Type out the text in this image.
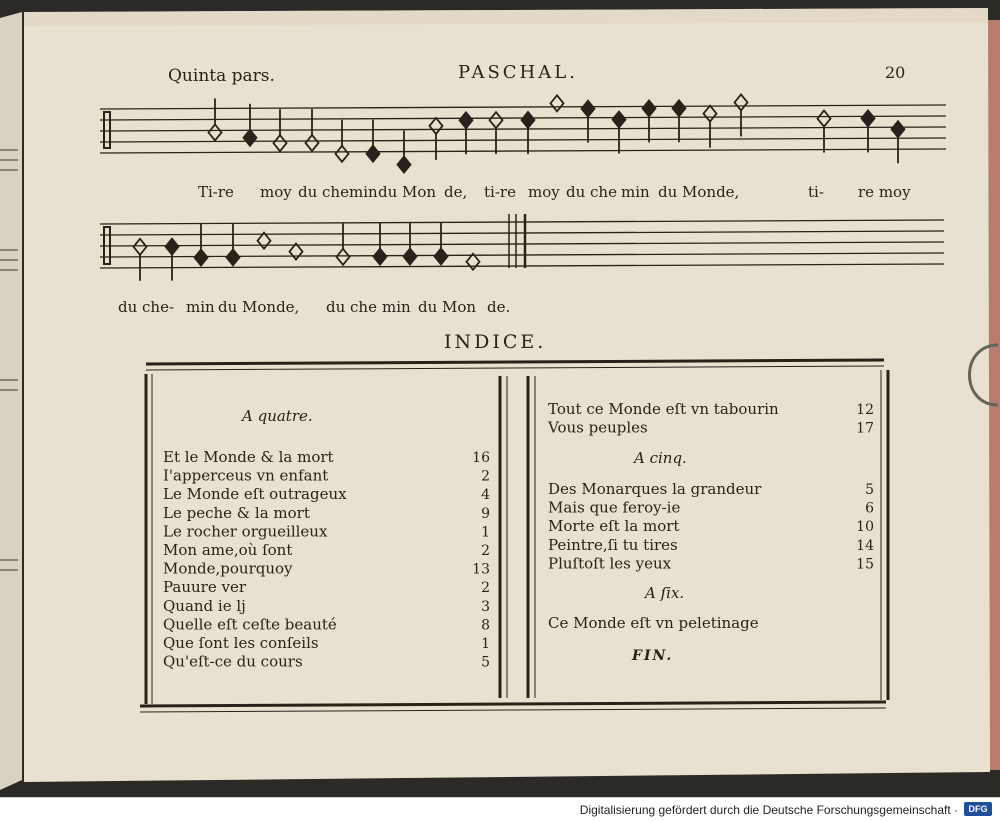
Quinta pars.	PASCHAL.	20
Ti-re moy du chemin du Mon de, ti-re moy du che min du Monde,	ti- re moy
du che- min du Monde, du che min du Mon de.
INDICE.
A quatre.
Et le Monde & la mort	16
I'apperceus vn enfant	2
Le Monde eſt outrageux	4
Le peche & la mort	9
Le rocher orgueilleux	1
Mon ame,où ſont	2
Monde,pourquoy	13
Pauure ver	2
Quand ie lj	3
Quelle eſt ceſte beauté	8
Que ſont les conſeils	1
Qu'eſt-ce du cours	5
Tout ce Monde eſt vn tabourin	12
Vous peuples	17
A cinq.
Des Monarques la grandeur	5
Mais que feroy-ie	6
Morte eſt la mort	10
Peintre,ſi tu tires	14
Pluſtoſt les yeux	15
A ſix.
Ce Monde eſt vn peletinage
FIN.
Digitalisierung gefördert durch die Deutsche Forschungsgemeinschaft ·	DFG
